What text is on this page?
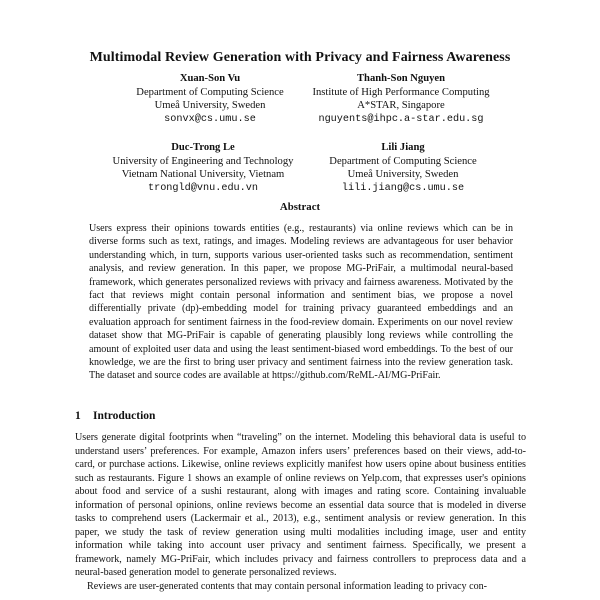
Multimodal Review Generation with Privacy and Fairness Awareness
Xuan-Son Vu
Department of Computing Science
Umeå University, Sweden
sonvx@cs.umu.se
Thanh-Son Nguyen
Institute of High Performance Computing
A*STAR, Singapore
nguyents@ihpc.a-star.edu.sg
Duc-Trong Le
University of Engineering and Technology
Vietnam National University, Vietnam
trongld@vnu.edu.vn
Lili Jiang
Department of Computing Science
Umeå University, Sweden
lili.jiang@cs.umu.se
Abstract

Users express their opinions towards entities (e.g., restaurants) via online reviews which can be in diverse forms such as text, ratings, and images. Modeling reviews are advantageous for user behavior understanding which, in turn, supports various user-oriented tasks such as recommendation, sentiment analysis, and review generation. In this paper, we propose MG-PriFair, a multimodal neural-based framework, which generates personalized reviews with privacy and fairness awareness. Motivated by the fact that reviews might contain personal information and sentiment bias, we propose a novel differentially private (dp)-embedding model for training privacy guaranteed embeddings and an evaluation approach for sentiment fairness in the food-review domain. Experiments on our novel review dataset show that MG-PriFair is capable of generating plausibly long reviews while controlling the amount of exploited user data and using the least sentiment-biased word embeddings. To the best of our knowledge, we are the first to bring user privacy and sentiment fairness into the review generation task. The dataset and source codes are available at https://github.com/ReML-AI/MG-PriFair.

1 Introduction

Users generate digital footprints when “traveling” on the internet. Modeling this behavioral data is useful to understand users’ preferences. For example, Amazon infers users’ preferences based on their views, add-to-card, or purchase actions. Likewise, online reviews explicitly manifest how users opine about business entities such as restaurants. Figure 1 shows an example of online reviews on Yelp.com, that expresses user's opinions about food and service of a sushi restaurant, along with images and rating score. Containing invaluable information of personal opinions, online reviews become an essential data source that is modeled in diverse tasks to comprehend users (Lackermair et al., 2013), e.g., sentiment analysis or review generation. In this paper, we study the task of review generation using multi modalities including image, user and entity information while taking into account user privacy and sentiment fairness. Specifically, we present a framework, namely MG-PriFair, which includes privacy and fairness controllers to preprocess data and a neural-based generation model to generate personalized reviews.

Reviews are user-generated contents that may contain personal information leading to privacy con-
